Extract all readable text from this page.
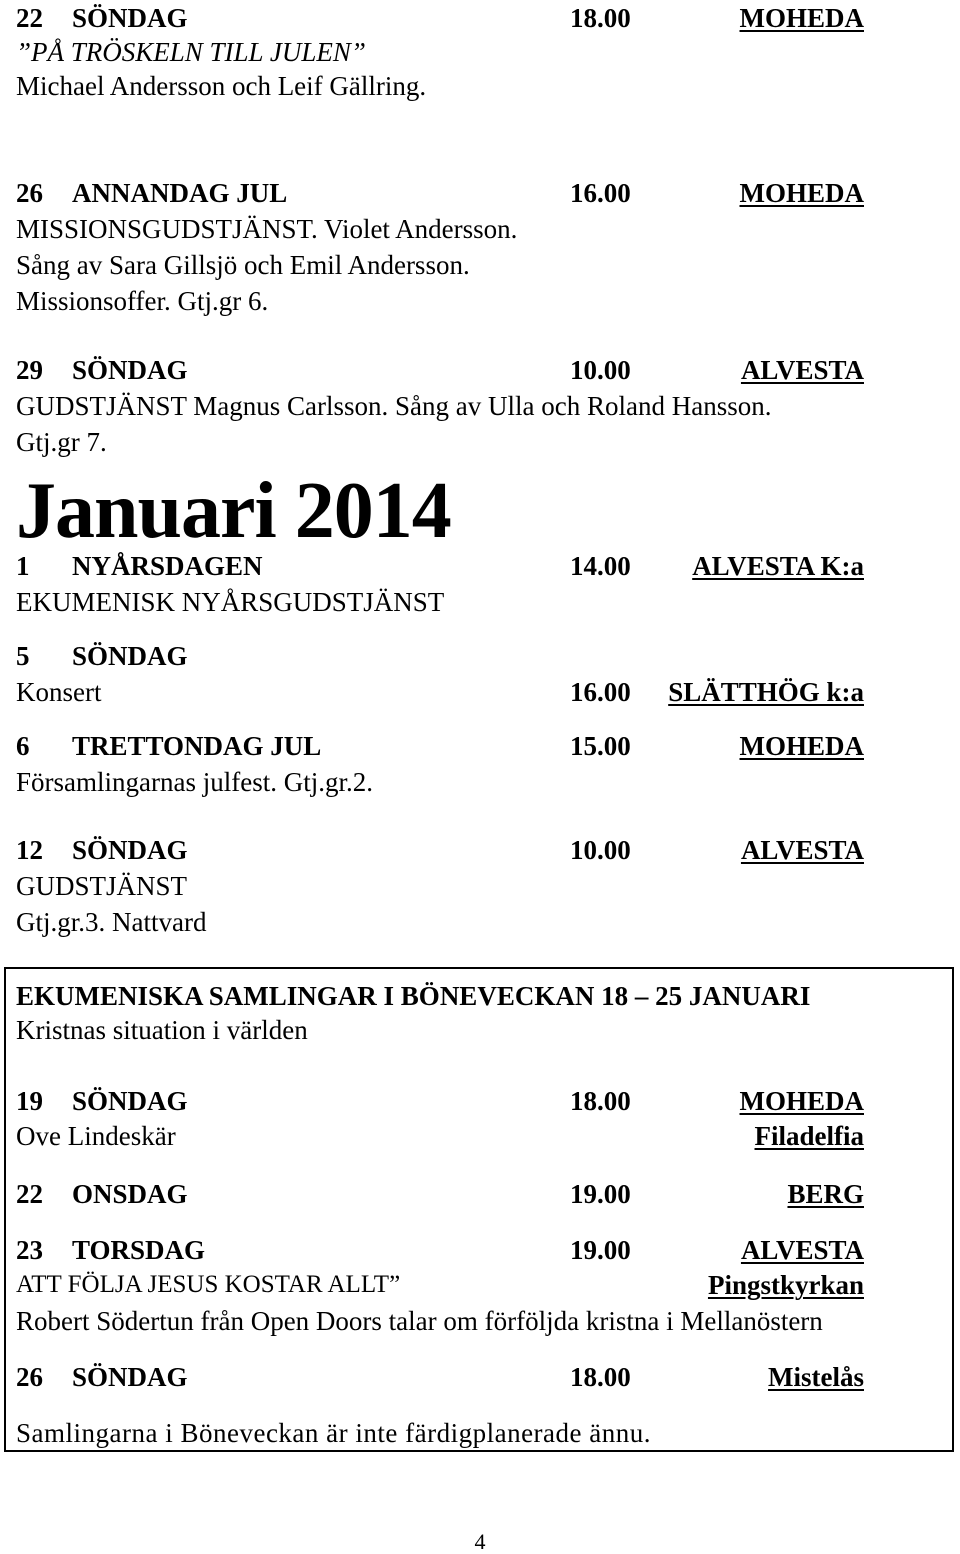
22 SÖNDAG	18.00	MOHEDA
”PÅ TRÖSKELN TILL JULEN”
Michael Andersson och Leif Gällring.
26 ANNANDAG JUL	16.00	MOHEDA
MISSIONSGUDSTJÄNST. Violet Andersson.
Sång av Sara Gillsjö och Emil Andersson.
Missionsoffer. Gtj.gr 6.
29 SÖNDAG	10.00	ALVESTA
GUDSTJÄNST Magnus Carlsson. Sång av Ulla och Roland Hansson.
Gtj.gr 7.
Januari 2014
1 NYÅRSDAGEN	14.00 ALVESTA K:a
EKUMENISK NYÅRSGUDSTJÄNST
5 SÖNDAG
Konsert	16.00 SLÄTTHÖG k:a
6 TRETTONDAG JUL	15.00	MOHEDA
Församlingarnas julfest. Gtj.gr.2.
12 SÖNDAG	10.00	ALVESTA
GUDSTJÄNST
Gtj.gr.3. Nattvard
EKUMENISKA SAMLINGAR I BÖNEVECKAN 18 – 25 JANUARI
Kristnas situation i världen
19 SÖNDAG	18.00	MOHEDA
Ove Lindeskär	Filadelfia
22 ONSDAG	19.00	BERG
23 TORSDAG	19.00	ALVESTA
ATT FÖLJA JESUS KOSTAR ALLT”	Pingstkyrkan
Robert Södertun från Open Doors talar om förföljda kristna i Mellanöstern
26 SÖNDAG	18.00	Mistelås
Samlingarna i Böneveckan är inte färdigplanerade ännu.
4
